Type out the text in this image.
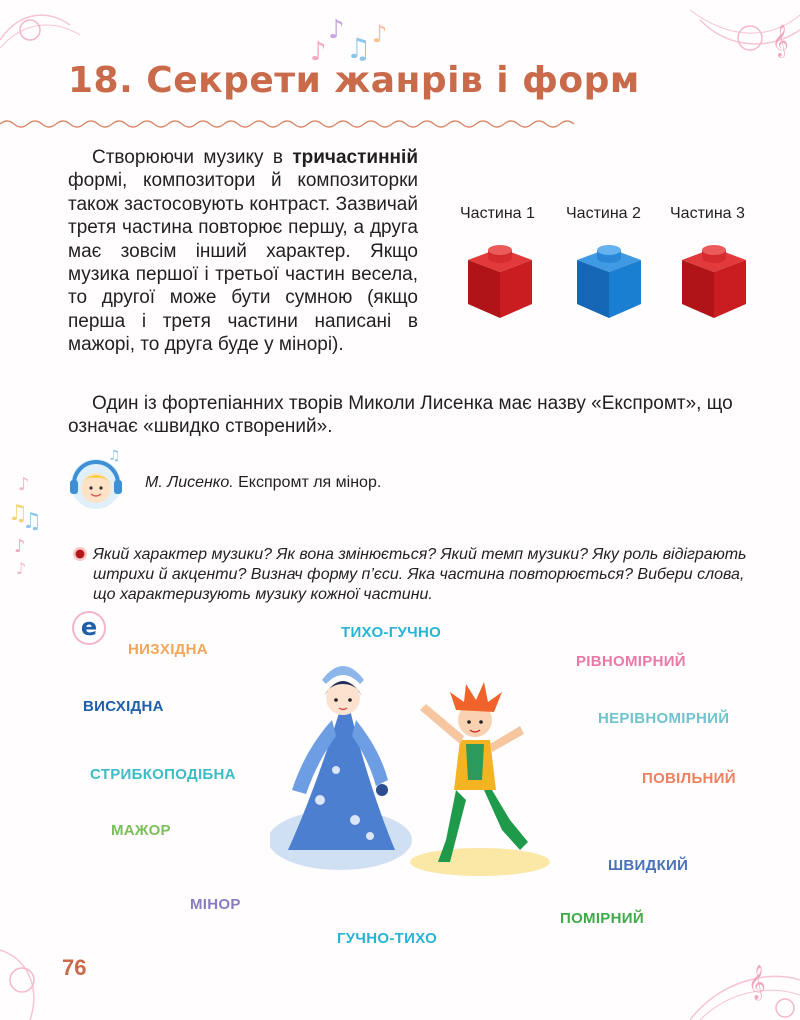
𝄞
♪
♪
♫ ♪
♪
♫
♫
♪
♪
𝄞
18. Секрети жанрів і форм
Створюючи музику в тричастинній формі, композитори й композиторки також застосовують контраст. Зазвичай третя частина повторює першу, а друга має зовсім інший характер. Якщо музика першої і третьої частин весела, то другої може бути сумною (якщо перша і третя частини написані в мажорі, то друга буде у мінорі).
Частина 1 Частина 2 Частина 3
Один із фортепіанних творів Миколи Лисенка має назву «Експромт», що означає «швидко створений».
♫
М. Лисенко. Експромт ля мінор.
Який характер музики? Як вона змінюється? Який темп музики? Яку роль відіграють штрихи й акценти? Визнач форму п’єси. Яка частина повторюється? Вибери слова, що характеризують музику кожної частини.
e
НИЗХІДНА
ТИХО-ГУЧНО
РІВНОМІРНИЙ
ВИСХІДНА
НЕРІВНОМІРНИЙ
СТРИБКОПОДІБНА	ПОВІЛЬНИЙ
МАЖОР
ШВИДКИЙ
МІНОР
ПОМІРНИЙ
ГУЧНО-ТИХО
76
